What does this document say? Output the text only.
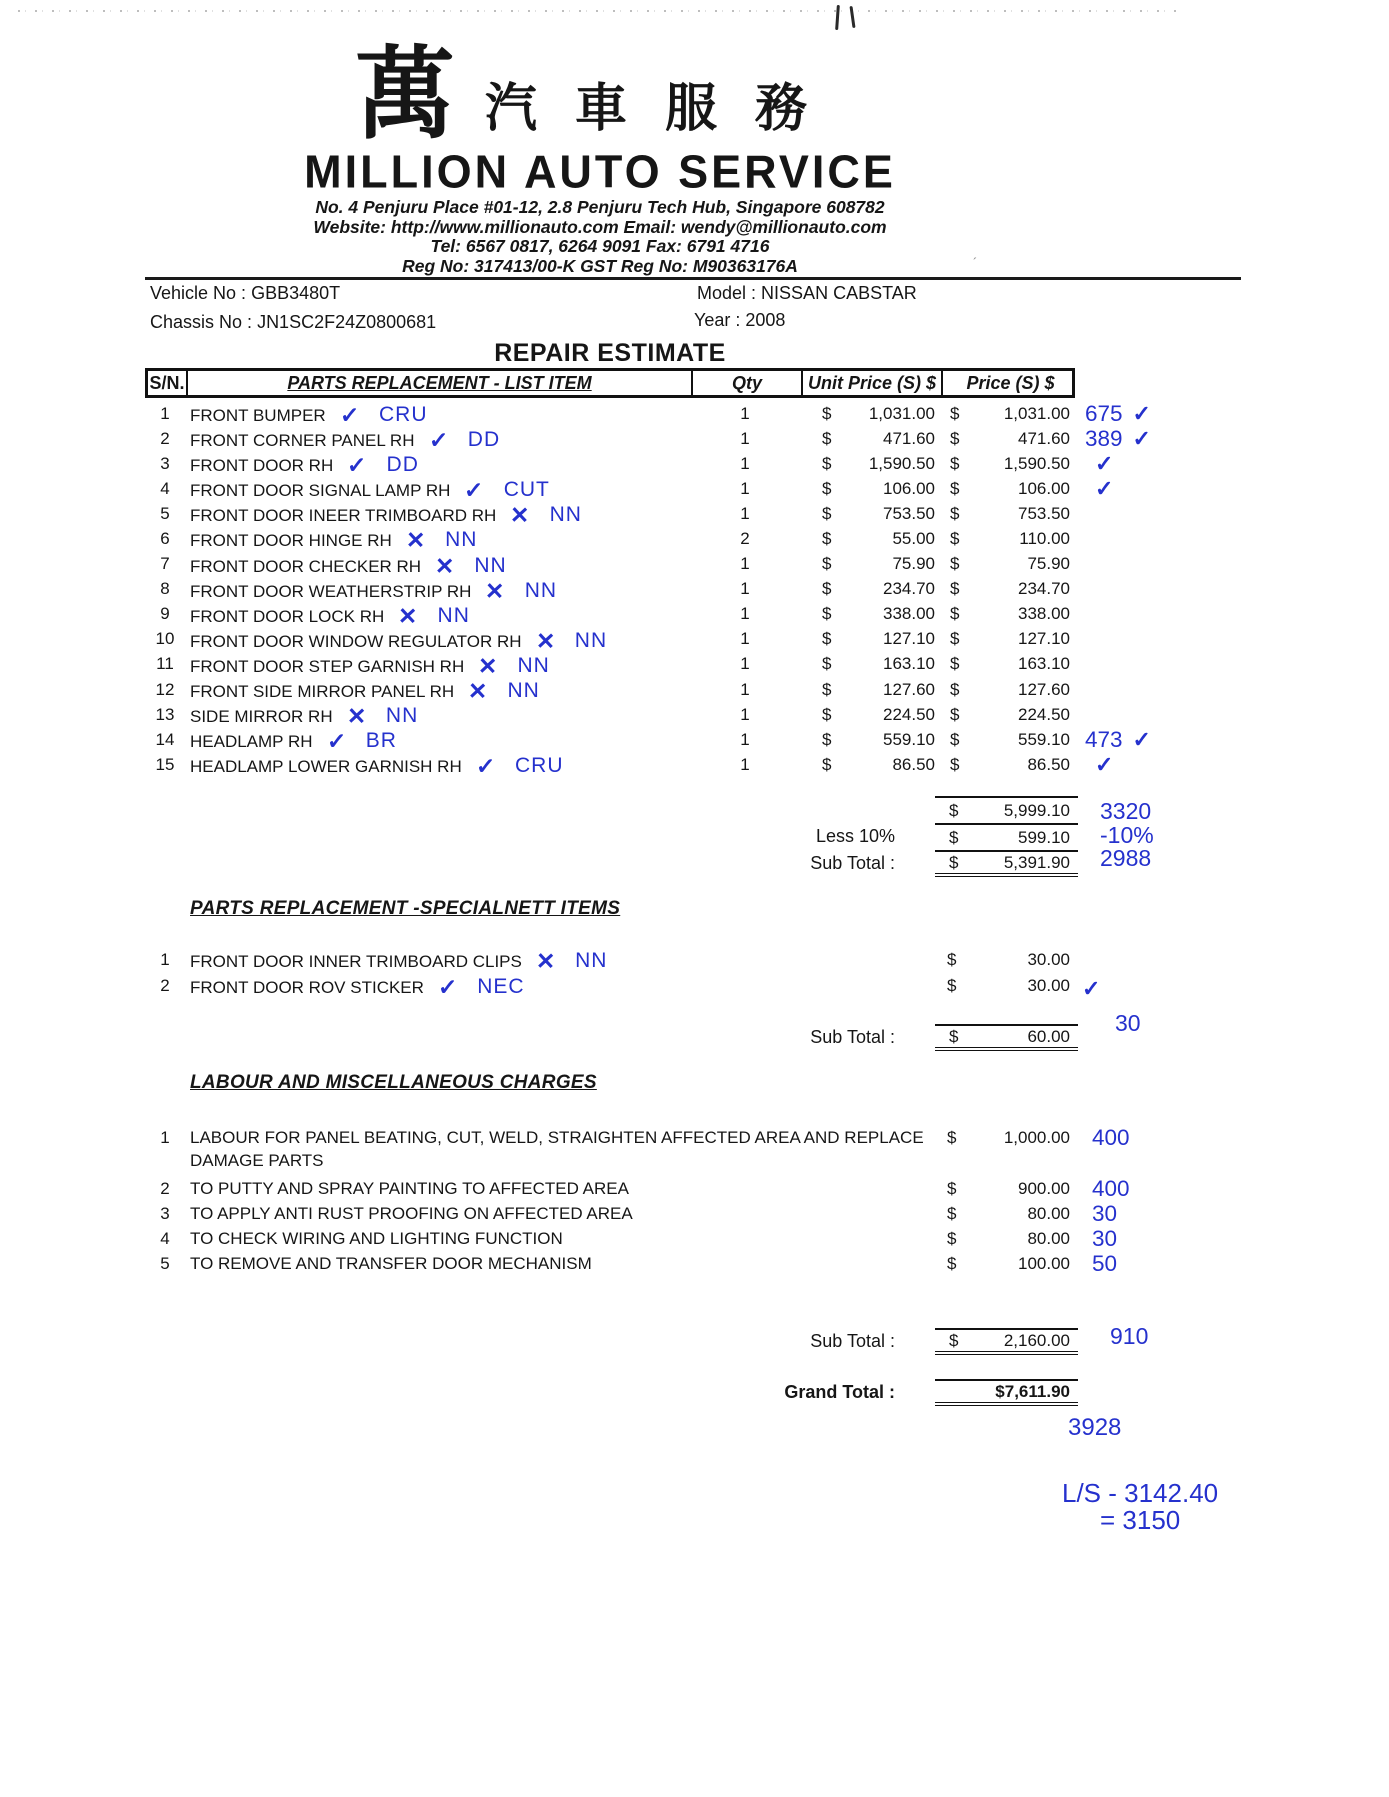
´
萬 汽車服務
MILLION AUTO SERVICE
No. 4 Penjuru Place #01-12, 2.8 Penjuru Tech Hub, Singapore 608782
Website: http://www.millionauto.com Email: wendy@millionauto.com
Tel: 6567 0817, 6264 9091 Fax: 6791 4716
Reg No: 317413/00-K GST Reg No: M90363176A
Vehicle No : GBB3480T	Model : NISSAN CABSTAR
Chassis No : JN1SC2F24Z0800681	Year : 2008
REPAIR ESTIMATE
S/N.	PARTS REPLACEMENT - LIST ITEM	Qty	Unit Price (S) $	Price (S) $
1	FRONT BUMPER ✓ CRU	1	$ 1,031.00 $	1,031.00 675 ✓
2	FRONT CORNER PANEL RH ✓ DD	1	$	471.60 $	471.60 389 ✓
3	FRONT DOOR RH ✓ DD	1	$ 1,590.50 $	1,590.50	✓
4	FRONT DOOR SIGNAL LAMP RH ✓ CUT	1	$	106.00 $	106.00	✓
5	FRONT DOOR INEER TRIMBOARD RH ✕ NN	1	$	753.50 $	753.50
6	FRONT DOOR HINGE RH ✕ NN	2	$	55.00 $	110.00
7	FRONT DOOR CHECKER RH ✕ NN	1	$	75.90 $	75.90
8	FRONT DOOR WEATHERSTRIP RH ✕ NN	1	$	234.70 $	234.70
9	FRONT DOOR LOCK RH ✕ NN	1	$	338.00 $	338.00
10 FRONT DOOR WINDOW REGULATOR RH ✕ NN	1	$	127.10 $	127.10
11 FRONT DOOR STEP GARNISH RH ✕ NN	1	$	163.10 $	163.10
12 FRONT SIDE MIRROR PANEL RH ✕ NN	1	$	127.60 $	127.60
13 SIDE MIRROR RH ✕ NN	1	$	224.50 $	224.50
14 HEADLAMP RH ✓ BR	1	$	559.10 $	559.10 473 ✓
15 HEADLAMP LOWER GARNISH RH ✓ CRU	1	$	86.50 $	86.50	✓
$	5,999.10 3320
Less 10%	$	599.10 -10%
Sub Total :	$	5,391.90 2988
PARTS REPLACEMENT -SPECIALNETT ITEMS
1	FRONT DOOR INNER TRIMBOARD CLIPS ✕ NN	$	30.00
2	FRONT DOOR ROV STICKER ✓ NEC	$	30.00 ✓
Sub Total :	$	60.00 30
LABOUR AND MISCELLANEOUS CHARGES
1	LABOUR FOR PANEL BEATING, CUT, WELD, STRAIGHTEN AFFECTED AREA AND REPLACE DAMAGE PARTS
$	1,000.00 400
2	TO PUTTY AND SPRAY PAINTING TO AFFECTED AREA	$	900.00 400
3	TO APPLY ANTI RUST PROOFING ON AFFECTED AREA	$	80.00 30
4	TO CHECK WIRING AND LIGHTING FUNCTION	$	80.00 30
5	TO REMOVE AND TRANSFER DOOR MECHANISM	$	100.00 50
Sub Total :	$	2,160.00 910
Grand Total :	$7,611.90
3928
L/S - 3142.40
= 3150
